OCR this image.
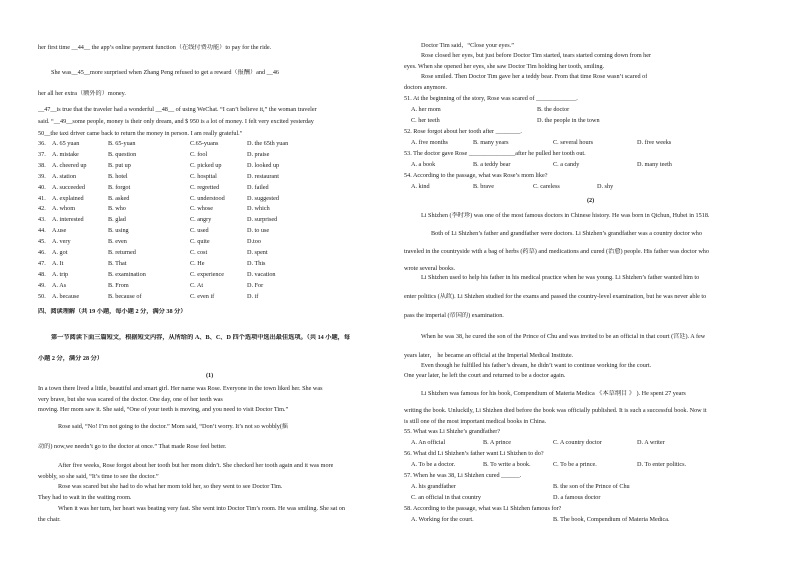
her first time __44__ the app’s online payment function（在线付费功能）to pay for the ride.
She was__45__more surprised when Zhang Peng refused to get a reward（报酬）and __46
her all her extra（额外的）money.
__47__is true that the traveler had a wonderful __48__ of using WeChat. “I can’t believe it,” the woman traveler
said. “__49__some people, money is their only dream, and $ 950 is a lot of money. I felt very excited yesterday
50__the taxi driver came back to return the money in person. I am really grateful.”
36. A. 65 yuan	B. 65-yuan	C.65-yuans	D. the 65th yuan
37. A. mistake	B. question	C. fool	D. praise
38. A. cheered up	B. put up	C. picked up	D. looked up
39. A. station	B. hotel	C. hospital	D. restaurant
40. A. succeeded	B. forgot	C. regretted	D. failed
41. A. explained	B. asked	C. understood	D. suggested
42. A. whom	B. who	C. whose	D. which
43. A. interested	B. glad	C. angry	D. surprised
44. A.use	B. using	C. used	D. to use
45. A. very	B. even	C. quite	D.too
46. A. got	B. returned	C. cost	D. spent
47. A. It	B. That	C. He	D. This
48. A. trip	B. examination	C. experience	D. vacation
49. A. As	B. From	C. At	D. For
50. A. because	B. because of	C. even if	D. if
四、阅读理解（共 19 小题，每小题 2 分，满分 38 分）
第一节阅读下面三篇短文，根据短文内容，从所给的 A、B、C、D 四个选项中选出最佳选项。（共 14 小题，每
小题 2 分，满分 28 分）
(1)
In a town there lived a little, beautiful and smart girl. Her name was Rose. Everyone in the town liked her. She was
very brave, but she was scared of the doctor. One day, one of her teeth was
moving. Her mom saw it. She said, “One of your teeth is moving, and you need to visit Doctor Tim.”
Rose said, “No! I’m not going to the doctor.” Mom said, “Don’t worry. It’s not so wobbly(摇
动的) now,we needn’t go to the doctor at once.” That made Rose feel better.
After five weeks, Rose forgot about her tooth but her mom didn’t. She checked her tooth again and it was more
wobbly, so she said, “It’s time to see the doctor.”
Rose was scared but she had to do what her mom told her, so they went to see Doctor Tim.
They had to wait in the waiting room.
When it was her turn, her heart was beating very fast. She went into Doctor Tim’s room. He was smiling. She sat on
the chair.
Doctor Tim said，“Close your eyes.”
Rose closed her eyes, but just before Doctor Tim started, tears started coming down from her
eyes. When she opened her eyes, she saw Doctor Tim holding her tooth, smiling.
Rose smiled. Then Doctor Tim gave her a teddy bear. From that time Rose wasn’t scared of
doctors anymore.
51. At the beginning of the story, Rose was scared of _____________.
A. her mom	B. the doctor
C. her teeth	D. the people in the town
52. Rose forgot about her tooth after ________.
A. five months	B. many years	C. several hours	D. five weeks
53. The doctor gave Rose _______________after he pulled her tooth out.
A. a book	B. a teddy bear	C. a candy	D. many teeth
54. According to the passage, what was Rose’s mom like?
A. kind	B. brave	C. careless	D. shy
(2)
Li Shizhen (李时珍) was one of the most famous doctors in Chinese history. He was born in Qichun, Hubei in 1518.
Both of Li Shizhen’s father and grandfather were doctors. Li Shizhen’s grandfather was a country doctor who
traveled in the countryside with a bag of herbs (药草) and medications and cured (治愈) people. His father was doctor who
wrote several books.
Li Shizhen used to help his father in his medical practice when he was young. Li Shizhen’s father wanted him to
enter politics (从政). Li Shizhen studied for the exams and passed the country-level examination, but he was never able to
pass the imperial (帝国的) examination.
When he was 38, he cured the son of the Prince of Chu and was invited to be an official in that court (宫廷). A few
years later， he became an official at the Imperial Medical Institute.
Even though he fulfilled his father’s dream, he didn’t want to continue working for the court.
One year later, he left the court and returned to be a doctor again.
Li Shizhen was famous for his book, Compendium of Materia Medica 《本草纲目 》 ). He spent 27 years
writing the book. Unluckily, Li Shizhen died before the book was officially published. It is such a successful book. Now it
is still one of the most important medical books in China.
55. What was Li Shizhe’s grandfather?
A. An official	B. A prince	C. A country doctor	D. A writer
56. What did Li Shizhen’s father want Li Shizhen to do?
A. To be a doctor.	B. To write a book.	C. To be a prince.	D. To enter politics.
57. When he was 38, Li Shizhen cured ______.
A. his grandfather	B. the son of the Prince of Chu
C. an official in that country	D. a famous doctor
58. According to the passage, what was Li Shizhen famous for?
A. Working for the court.	B. The book, Compendium of Materia Medica.
